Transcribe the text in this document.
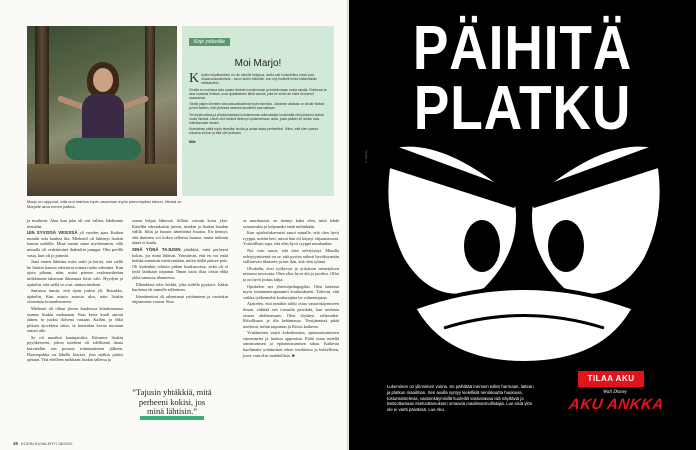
Marjo on opppnut, että omi mahtuu hyvin asumaan myös pienempään taloon. Metsä on Marjolle aina ennen paikka.
Kirje ystävälle
Moi Marjo!

Kirjoitin kirjoittaminen on ole minulle helppoa, mutta sait houkuteltua minut pois mukavuusalueeltani – sinun kuten silloinkin, kun myi ilouttelit minut kaikenlaisiin seikkailuihin.

Sinulla on mahtava taito saada ihmiset innostumaan ja kokeilemaan uusia asioita. Rohkeasi ja aina osastasi ihmiset, ovat ujokaltaineni lähtä asioita, joita he eivät ole edes hennneet osaavansa.

Tiedät paljon ihmisten kokonaisvaltaisesta hyvinvoinnista. Jokainen asiakas on sinulle tärkeä ja teet kaiken, että yhdessä asetetut tavoitteet saavutetaan.

Terveyshuolissa ja yrityksentarkasi kohdannesta vaikeuksista huolimatta olet jaksanut auttaa muita ihmisiä. Usein olet mikkeä lähtenyt opiskelemaan uutta, josta pääset eli niinkin taas toteuttamaan itseäsi.

Muistathan pitää myös itsestäsi huolta ja antaa aikaa perheellesi. Kiitos, että olen saanut tutustua sinuun ja että olet ystäväni.

Mile

ja murheen. Aina kun jaha oli otti vallan, lähdimme metsään.

UIN SYVISSÄ VESISSÄ yli vuoden ajan. Kaiken muuttii eräs kauhea ilta. Miehenil oli lähtenyt lisakin kanssa mökille. Minä menin sinne myöhemmin, sillä minulla oli vedettävänä iltalenkin jumppa. Olin perillä vasta, kun oli jo pimeää.

Jaari ennen lähtöäni mies soitti ja kertoi, että siellä he lisakin kanssa odottavat minua rauha valmiina. Kun ajoin pihaan, näin, mitoi pienen vaaleanviheään mökkimme takaosan ikkunasta loisti valo. Hyydyin ja ajattelin, että siellä se ovat, minun mieheni.

Samassa tunsin, että ajoin joskin ylt. Ruuakko, ajattelin. Kun astuin autosta ulos, näin lisakin viimeinen koiranhuoneen.

Miehenii oli ollaut järven kuuleessa laimittamassa saunaa lisakin mukaanan. Kun kerta kuuli autoni äänen, se juoksi ilolsena vastaan. Kaihin, ja ehkä pitkien ajoväkien takia, se kuttenkin kovaa nuoraan autoni alle.

Se oli maailmi kaatujatulisi. Kiiturme lisakin pyyhkeeseen, johon mieheni oli edellisenä iltana kuivatellut sen pesusta irtinmaakseen jälkeen. Haastapakka on lähellä koiriaa, josa sitäkin pitäisi ajetaan. Yhä edelleen mökkaan lisakin tallessa ja

sanon helpat lähtessä. Silloin vaivain koira ykei. Käsellin edestakaisin järven, minkin ja lisakin haudan välilä. Itkin ja huusin äänettömä huutoa. En tiennyt, että ihminen voi kokea sellaista huutaa, mutta miktain äänet ei kuulu.

SINÄ YÖNÄ TAJUSIN yhtäkkiä, mitä perheeni kokisi, jos minä lähtisin. Ymmärsin, että en voi enää heittää aumuisin niertivmäään, miten täältä pääsee pois. Oli kuitenkin tohtoin pitkän konkurssista, enkä oli ei tiedä lainkaan toipunut. Ilman tuota iltaa olisin ehkä ykkä samassa tilanteessa.

Ellendässä toler herkki, joka todella pysäytti. Isakin kuolema oli minulle selkeänen.

Identiteettini oli rakentanut yrittäminen ja varsinkin ohjaamisen varaan. Kun

se murskautui, en tiennyt kuka olen, mitä tehdä seuraavaksi ja kelpaanko enää mihinkään.

Kun opiskelukaverini sanoi minulle, että olen hyvä ryyppä, mietin heti, missä hän oli käynyt ohjaamassani. Ystävällisin tapa, että olen hyvä ryyppä muuhankin.

Nyt voin sanoa, että olen selviytynyt. Minulla selviytymisensä on se, että pystyn aidosti hyväksymään vallitsevan tilanteen ja sen ikin, että olen tyhmä.

Olvahdin, ettei työkyvyn ja yrityksen menetyksen minusta arvotonta. Olen oliut hyvä äiti ja puoliso. Ollut ja on hyvä joskus lahja.

Opiskelen nyt yhteisöpedagogiksi. Olen hakenut myös toimintaterapiaamiti koulutukseen. Tulevan, että vaikka työkenneltä kouluttajina tai valmentajana.

Ajattelen, että mmihin tahhi ottaa vastoinkäymiseen ilman, välittää sen toisaalla paivittää, kun unelmia seuraa ahdistamaan. Olen löytänyt rohkeuden. Kiitollisuus ja tila kehämassa. Tiesijännissä pitää mielessä, mihin taipumus jä Kiitos kaikesta.

Yrittäminen vaatii kokeilemista, epäonnistumiseen sitoutunetta ja luottoa oppimista. Pitää osata mitellä onnistumisen ja epäonnistumisen takaa. Kaikesta huolimatta yrittämisen tekee intohimoa ja hetkellisen, josse vain olisi mahdollista. ■

”Tajusin yhtäkkiä, mitä perheeni kokisi, jos minä lähtisin.”
46 KODIN KUVALEHTI 18/2020
PÄIHITÄ
PLATKU
© Disney
Lukeminen on yliinnimen voima. Se päihittää mennen tullen harmaan, lattean ja platkun maailman. Sen avulla syntyy kielellisiä nerokkuutta huukuvia, tosiuntoistelevia, vastoinkäymisillä kuoleillä vastustavaa isiä näyttäviä ja kattoottamaan itseluottamuksen omaavia maailmanmullistajia. Lue sisiä ylös ole ei vartti päivässä. Lue Aku.
TILAA AKU
Walt Disney
AKU ANKKA
